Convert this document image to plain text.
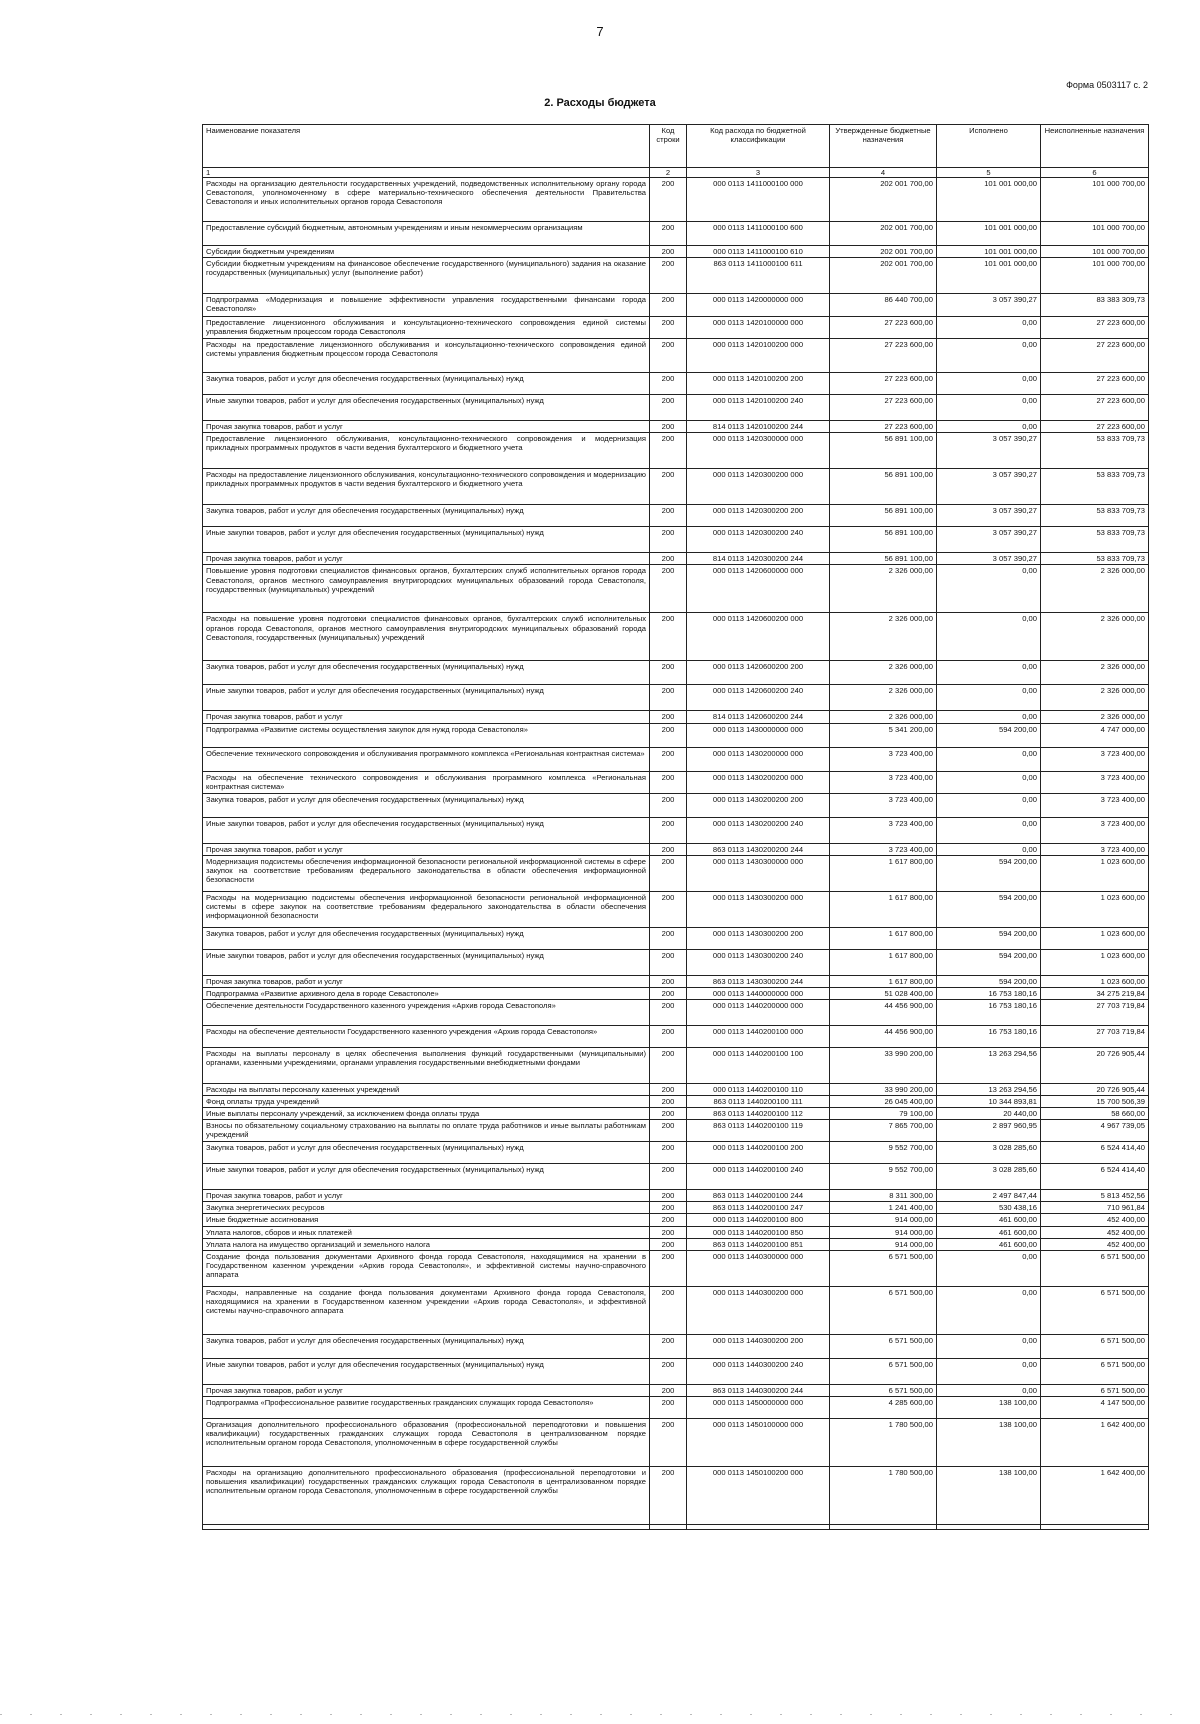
7
Форма 0503117 с. 2
2. Расходы бюджета
Наименование показателя	Код строки	Код расхода по бюджетной классификации	Утвержденные бюджетные назначения	Исполнено	Неисполненные назначения
1	2	3	4	5	6
Расходы на организацию деятельности государственных учреждений, подведомственных исполнительному органу города Севастополя, уполномоченному в сфере материально-технического обеспечения деятельности Правительства Севастополя и иных исполнительных органов города Севастополя	200	000 0113 1411000100 000	202 001 700,00	101 001 000,00	101 000 700,00
Предоставление субсидий бюджетным, автономным учреждениям и иным некоммерческим организациям	200	000 0113 1411000100 600	202 001 700,00	101 001 000,00	101 000 700,00
Субсидии бюджетным учреждениям	200	000 0113 1411000100 610	202 001 700,00	101 001 000,00	101 000 700,00
Субсидии бюджетным учреждениям на финансовое обеспечение государственного (муниципального) задания на оказание государственных (муниципальных) услуг (выполнение работ)	200	863 0113 1411000100 611	202 001 700,00	101 001 000,00	101 000 700,00
Подпрограмма «Модернизация и повышение эффективности управления государственными финансами города Севастополя»	200	000 0113 1420000000 000	86 440 700,00	3 057 390,27	83 383 309,73
Предоставление лицензионного обслуживания и консультационно-технического сопровождения единой системы управления бюджетным процессом города Севастополя	200	000 0113 1420100000 000	27 223 600,00	0,00	27 223 600,00
Расходы на предоставление лицензионного обслуживания и консультационно-технического сопровождения единой системы управления бюджетным процессом города Севастополя	200	000 0113 1420100200 000	27 223 600,00	0,00	27 223 600,00
Закупка товаров, работ и услуг для обеспечения государственных (муниципальных) нужд	200	000 0113 1420100200 200	27 223 600,00	0,00	27 223 600,00
Иные закупки товаров, работ и услуг для обеспечения государственных (муниципальных) нужд	200	000 0113 1420100200 240	27 223 600,00	0,00	27 223 600,00
Прочая закупка товаров, работ и услуг	200	814 0113 1420100200 244	27 223 600,00	0,00	27 223 600,00
Предоставление лицензионного обслуживания, консультационно-технического сопровождения и модернизация прикладных программных продуктов в части ведения бухгалтерского и бюджетного учета	200	000 0113 1420300000 000	56 891 100,00	3 057 390,27	53 833 709,73
Расходы на предоставление лицензионного обслуживания, консультационно-технического сопровождения и модернизацию прикладных программных продуктов в части ведения бухгалтерского и бюджетного учета	200	000 0113 1420300200 000	56 891 100,00	3 057 390,27	53 833 709,73
Закупка товаров, работ и услуг для обеспечения государственных (муниципальных) нужд	200	000 0113 1420300200 200	56 891 100,00	3 057 390,27	53 833 709,73
Иные закупки товаров, работ и услуг для обеспечения государственных (муниципальных) нужд	200	000 0113 1420300200 240	56 891 100,00	3 057 390,27	53 833 709,73
Прочая закупка товаров, работ и услуг	200	814 0113 1420300200 244	56 891 100,00	3 057 390,27	53 833 709,73
Повышение уровня подготовки специалистов финансовых органов, бухгалтерских служб исполнительных органов города Севастополя, органов местного самоуправления внутригородских муниципальных образований города Севастополя, государственных (муниципальных) учреждений	200	000 0113 1420600000 000	2 326 000,00	0,00	2 326 000,00
Расходы на повышение уровня подготовки специалистов финансовых органов, бухгалтерских служб исполнительных органов города Севастополя, органов местного самоуправления внутригородских муниципальных образований города Севастополя, государственных (муниципальных) учреждений	200	000 0113 1420600200 000	2 326 000,00	0,00	2 326 000,00
Закупка товаров, работ и услуг для обеспечения государственных (муниципальных) нужд	200	000 0113 1420600200 200	2 326 000,00	0,00	2 326 000,00
Иные закупки товаров, работ и услуг для обеспечения государственных (муниципальных) нужд	200	000 0113 1420600200 240	2 326 000,00	0,00	2 326 000,00
Прочая закупка товаров, работ и услуг	200	814 0113 1420600200 244	2 326 000,00	0,00	2 326 000,00
Подпрограмма «Развитие системы осуществления закупок для нужд города Севастополя»	200	000 0113 1430000000 000	5 341 200,00	594 200,00	4 747 000,00
Обеспечение технического сопровождения и обслуживания программного комплекса «Региональная контрактная система»	200	000 0113 1430200000 000	3 723 400,00	0,00	3 723 400,00
Расходы на обеспечение технического сопровождения и обслуживания программного комплекса «Региональная контрактная система»	200	000 0113 1430200200 000	3 723 400,00	0,00	3 723 400,00
Закупка товаров, работ и услуг для обеспечения государственных (муниципальных) нужд	200	000 0113 1430200200 200	3 723 400,00	0,00	3 723 400,00
Иные закупки товаров, работ и услуг для обеспечения государственных (муниципальных) нужд	200	000 0113 1430200200 240	3 723 400,00	0,00	3 723 400,00
Прочая закупка товаров, работ и услуг	200	863 0113 1430200200 244	3 723 400,00	0,00	3 723 400,00
Модернизация подсистемы обеспечения информационной безопасности региональной информационной системы в сфере закупок на соответствие требованиям федерального законодательства в области обеспечения информационной безопасности	200	000 0113 1430300000 000	1 617 800,00	594 200,00	1 023 600,00
Расходы на модернизацию подсистемы обеспечения информационной безопасности региональной информационной системы в сфере закупок на соответствие требованиям федерального законодательства в области обеспечения информационной безопасности	200	000 0113 1430300200 000	1 617 800,00	594 200,00	1 023 600,00
Закупка товаров, работ и услуг для обеспечения государственных (муниципальных) нужд	200	000 0113 1430300200 200	1 617 800,00	594 200,00	1 023 600,00
Иные закупки товаров, работ и услуг для обеспечения государственных (муниципальных) нужд	200	000 0113 1430300200 240	1 617 800,00	594 200,00	1 023 600,00
Прочая закупка товаров, работ и услуг	200	863 0113 1430300200 244	1 617 800,00	594 200,00	1 023 600,00
Подпрограмма «Развитие архивного дела в городе Севастополе»	200	000 0113 1440000000 000	51 028 400,00	16 753 180,16	34 275 219,84
Обеспечение деятельности Государственного казенного учреждения «Архив города Севастополя»	200	000 0113 1440200000 000	44 456 900,00	16 753 180,16	27 703 719,84
Расходы на обеспечение деятельности Государственного казенного учреждения «Архив города Севастополя»	200	000 0113 1440200100 000	44 456 900,00	16 753 180,16	27 703 719,84
Расходы на выплаты персоналу в целях обеспечения выполнения функций государственными (муниципальными) органами, казенными учреждениями, органами управления государственными внебюджетными фондами	200	000 0113 1440200100 100	33 990 200,00	13 263 294,56	20 726 905,44
Расходы на выплаты персоналу казенных учреждений	200	000 0113 1440200100 110	33 990 200,00	13 263 294,56	20 726 905,44
Фонд оплаты труда учреждений	200	863 0113 1440200100 111	26 045 400,00	10 344 893,81	15 700 506,39
Иные выплаты персоналу учреждений, за исключением фонда оплаты труда	200	863 0113 1440200100 112	79 100,00	20 440,00	58 660,00
Взносы по обязательному социальному страхованию на выплаты по оплате труда работников и иные выплаты работникам учреждений	200	863 0113 1440200100 119	7 865 700,00	2 897 960,95	4 967 739,05
Закупка товаров, работ и услуг для обеспечения государственных (муниципальных) нужд	200	000 0113 1440200100 200	9 552 700,00	3 028 285,60	6 524 414,40
Иные закупки товаров, работ и услуг для обеспечения государственных (муниципальных) нужд	200	000 0113 1440200100 240	9 552 700,00	3 028 285,60	6 524 414,40
Прочая закупка товаров, работ и услуг	200	863 0113 1440200100 244	8 311 300,00	2 497 847,44	5 813 452,56
Закупка энергетических ресурсов	200	863 0113 1440200100 247	1 241 400,00	530 438,16	710 961,84
Иные бюджетные ассигнования	200	000 0113 1440200100 800	914 000,00	461 600,00	452 400,00
Уплата налогов, сборов и иных платежей	200	000 0113 1440200100 850	914 000,00	461 600,00	452 400,00
Уплата налога на имущество организаций и земельного налога	200	863 0113 1440200100 851	914 000,00	461 600,00	452 400,00
Создание фонда пользования документами Архивного фонда города Севастополя, находящимися на хранении в Государственном казенном учреждении «Архив города Севастополя», и эффективной системы научно-справочного аппарата	200	000 0113 1440300000 000	6 571 500,00	0,00	6 571 500,00
Расходы, направленные на создание фонда пользования документами Архивного фонда города Севастополя, находящимися на хранении в Государственном казенном учреждении «Архив города Севастополя», и эффективной системы научно-справочного аппарата	200	000 0113 1440300200 000	6 571 500,00	0,00	6 571 500,00
Закупка товаров, работ и услуг для обеспечения государственных (муниципальных) нужд	200	000 0113 1440300200 200	6 571 500,00	0,00	6 571 500,00
Иные закупки товаров, работ и услуг для обеспечения государственных (муниципальных) нужд	200	000 0113 1440300200 240	6 571 500,00	0,00	6 571 500,00
Прочая закупка товаров, работ и услуг	200	863 0113 1440300200 244	6 571 500,00	0,00	6 571 500,00
Подпрограмма «Профессиональное развитие государственных гражданских служащих города Севастополя»	200	000 0113 1450000000 000	4 285 600,00	138 100,00	4 147 500,00
Организация дополнительного профессионального образования (профессиональной переподготовки и повышения квалификации) государственных гражданских служащих города Севастополя в централизованном порядке исполнительным органом города Севастополя, уполномоченным в сфере государственной службы	200	000 0113 1450100000 000	1 780 500,00	138 100,00	1 642 400,00
Расходы на организацию дополнительного профессионального образования (профессиональной переподготовки и повышения квалификации) государственных гражданских служащих города Севастополя в централизованном порядке исполнительным органом города Севастополя, уполномоченным в сфере государственной службы	200	000 0113 1450100200 000	1 780 500,00	138 100,00	1 642 400,00
